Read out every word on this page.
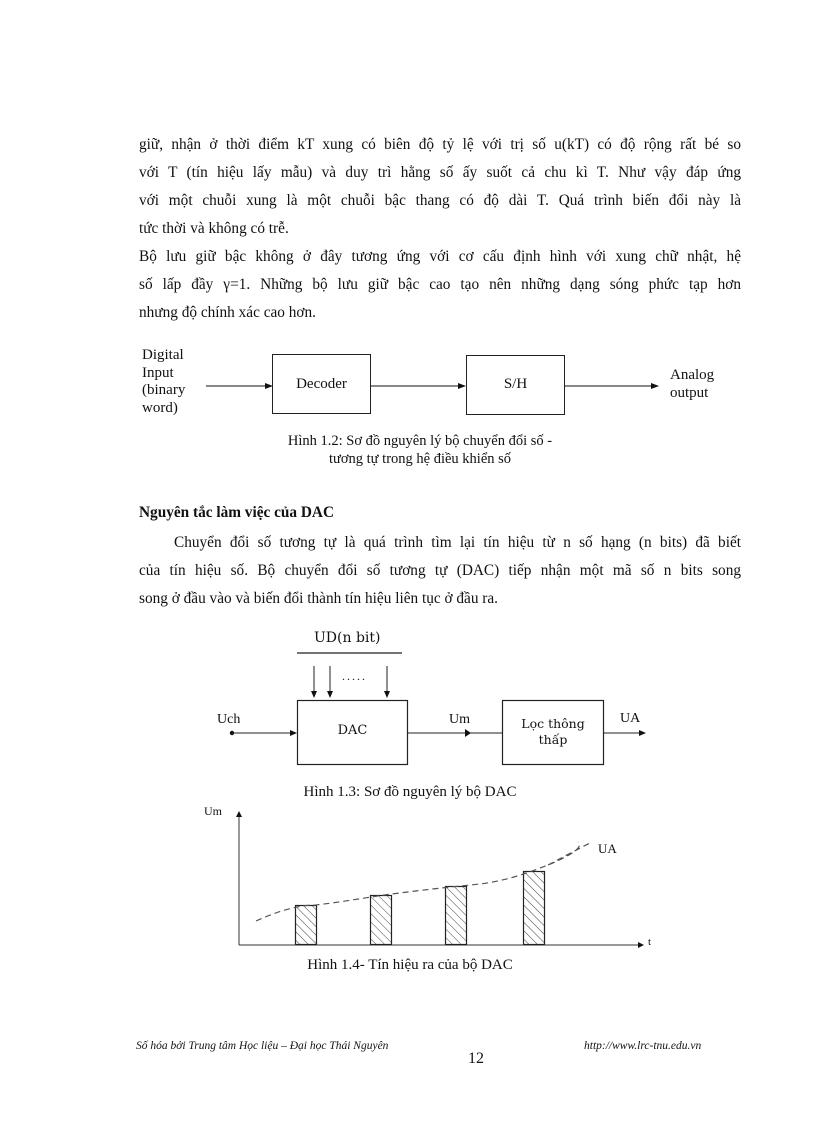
giữ, nhận ở thời điểm kT xung có biên độ tỷ lệ với trị số u(kT) có độ rộng rất bé so
với T (tín hiệu lấy mẫu) và duy trì hằng số ấy suốt cả chu kì T. Như vậy đáp ứng
với một chuỗi xung là một chuỗi bậc thang có độ dài T. Quá trình biến đổi này là
tức thời và không có trễ.
Bộ lưu giữ bậc không ở đây tương ứng với cơ cấu định hình với xung chữ nhật, hệ
số lấp đầy γ=1. Những bộ lưu giữ bậc cao tạo nên những dạng sóng phức tạp hơn
nhưng độ chính xác cao hơn.
Digital
Input
(binary
word)
Decoder	S/H
Analog
output
Hình 1.2: Sơ đồ nguyên lý bộ chuyển đổi số -
tương tự trong hệ điều khiển số
Nguyên tắc làm việc của DAC
Chuyển đổi số tương tự là quá trình tìm lại tín hiệu từ n số hạng (n bits) đã biết
của tín hiệu số. Bộ chuyển đổi số tương tự (DAC) tiếp nhận một mã số n bits song
song ở đầu vào và biến đổi thành tín hiệu liên tục ở đầu ra.
UD(n bit)
.....
Uch
DAC
Um	Lọc thông
thấp
UA
Hình 1.3: Sơ đồ nguyên lý bộ DAC
Um
t
UA
Hình 1.4- Tín hiệu ra của bộ DAC
Số hóa bởi Trung tâm Học liệu – Đại học Thái Nguyên
12
http://www.lrc-tnu.edu.vn
